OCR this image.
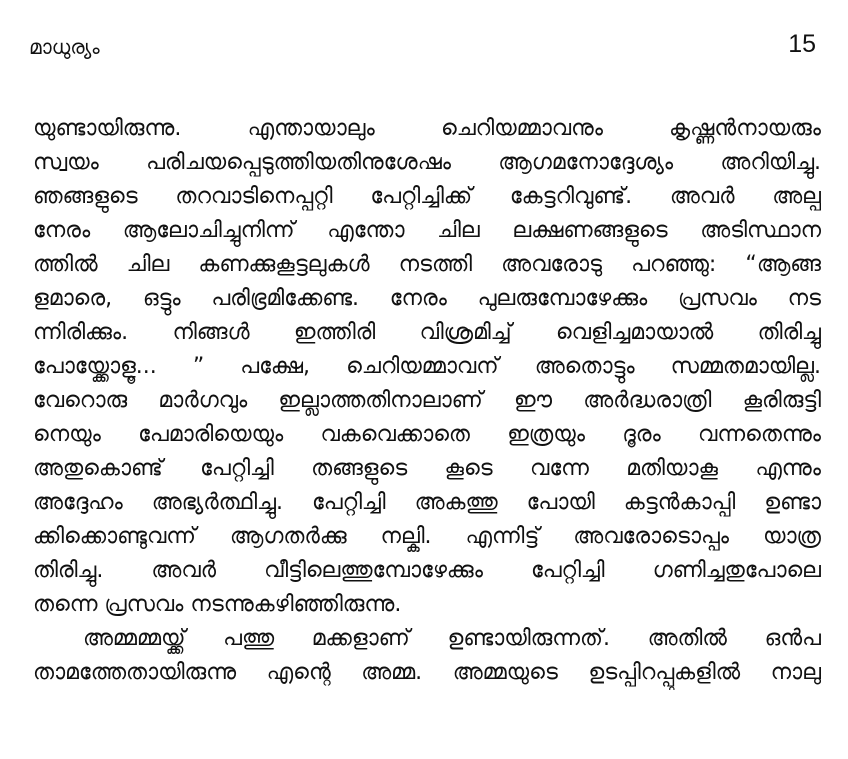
മാധുര്യം	15
യുണ്ടായിരുന്നു. എന്തായാലും ചെറിയമ്മാവനും കൃഷ്ണൻനായരും
സ്വയം പരിചയപ്പെടുത്തിയതിനുശേഷം ആഗമനോദ്ദേശ്യം അറിയിച്ചു.
ഞങ്ങളുടെ തറവാടിനെപ്പറ്റി പേറ്റിച്ചിക്ക് കേട്ടറിവുണ്ട്. അവർ അല്പ
നേരം ആലോചിച്ചുനിന്ന് എന്തോ ചില ലക്ഷണങ്ങളുടെ അടിസ്ഥാന
ത്തിൽ ചില കണക്കുകൂട്ടലുകൾ നടത്തി അവരോടു പറഞ്ഞു: “ആങ്ങ
ളമാരെ, ഒട്ടും പരിഭ്രമിക്കേണ്ട. നേരം പുലരുമ്പോഴേക്കും പ്രസവം നട
ന്നിരിക്കും. നിങ്ങൾ ഇത്തിരി വിശ്രമിച്ച് വെളിച്ചമായാൽ തിരിച്ചു
പോയ്ക്കോളൂ... ” പക്ഷേ, ചെറിയമ്മാവന് അതൊട്ടും സമ്മതമായില്ല.
വേറൊരു മാർഗവും ഇല്ലാത്തതിനാലാണ് ഈ അർദ്ധരാത്രി കൂരിരുട്ടി
നെയും പേമാരിയെയും വകവെക്കാതെ ഇത്രയും ദൂരം വന്നതെന്നും
അതുകൊണ്ട് പേറ്റിച്ചി തങ്ങളുടെ കൂടെ വന്നേ മതിയാകൂ എന്നും
അദ്ദേഹം അഭ്യർത്ഥിച്ചു. പേറ്റിച്ചി അകത്തു പോയി കട്ടൻകാപ്പി ഉണ്ടാ
ക്കിക്കൊണ്ടുവന്ന് ആഗതർക്കു നല്കി. എന്നിട്ട് അവരോടൊപ്പം യാത്ര
തിരിച്ചു. അവർ വീട്ടിലെത്തുമ്പോഴേക്കും പേറ്റിച്ചി ഗണിച്ചതുപോലെ
തന്നെ പ്രസവം നടന്നുകഴിഞ്ഞിരുന്നു.
അമ്മമ്മയ്ക്ക് പത്തു മക്കളാണ് ഉണ്ടായിരുന്നത്. അതിൽ ഒൻപ
താമത്തേതായിരുന്നു എന്റെ അമ്മ. അമ്മയുടെ ഉടപ്പിറപ്പുകളിൽ നാലു
